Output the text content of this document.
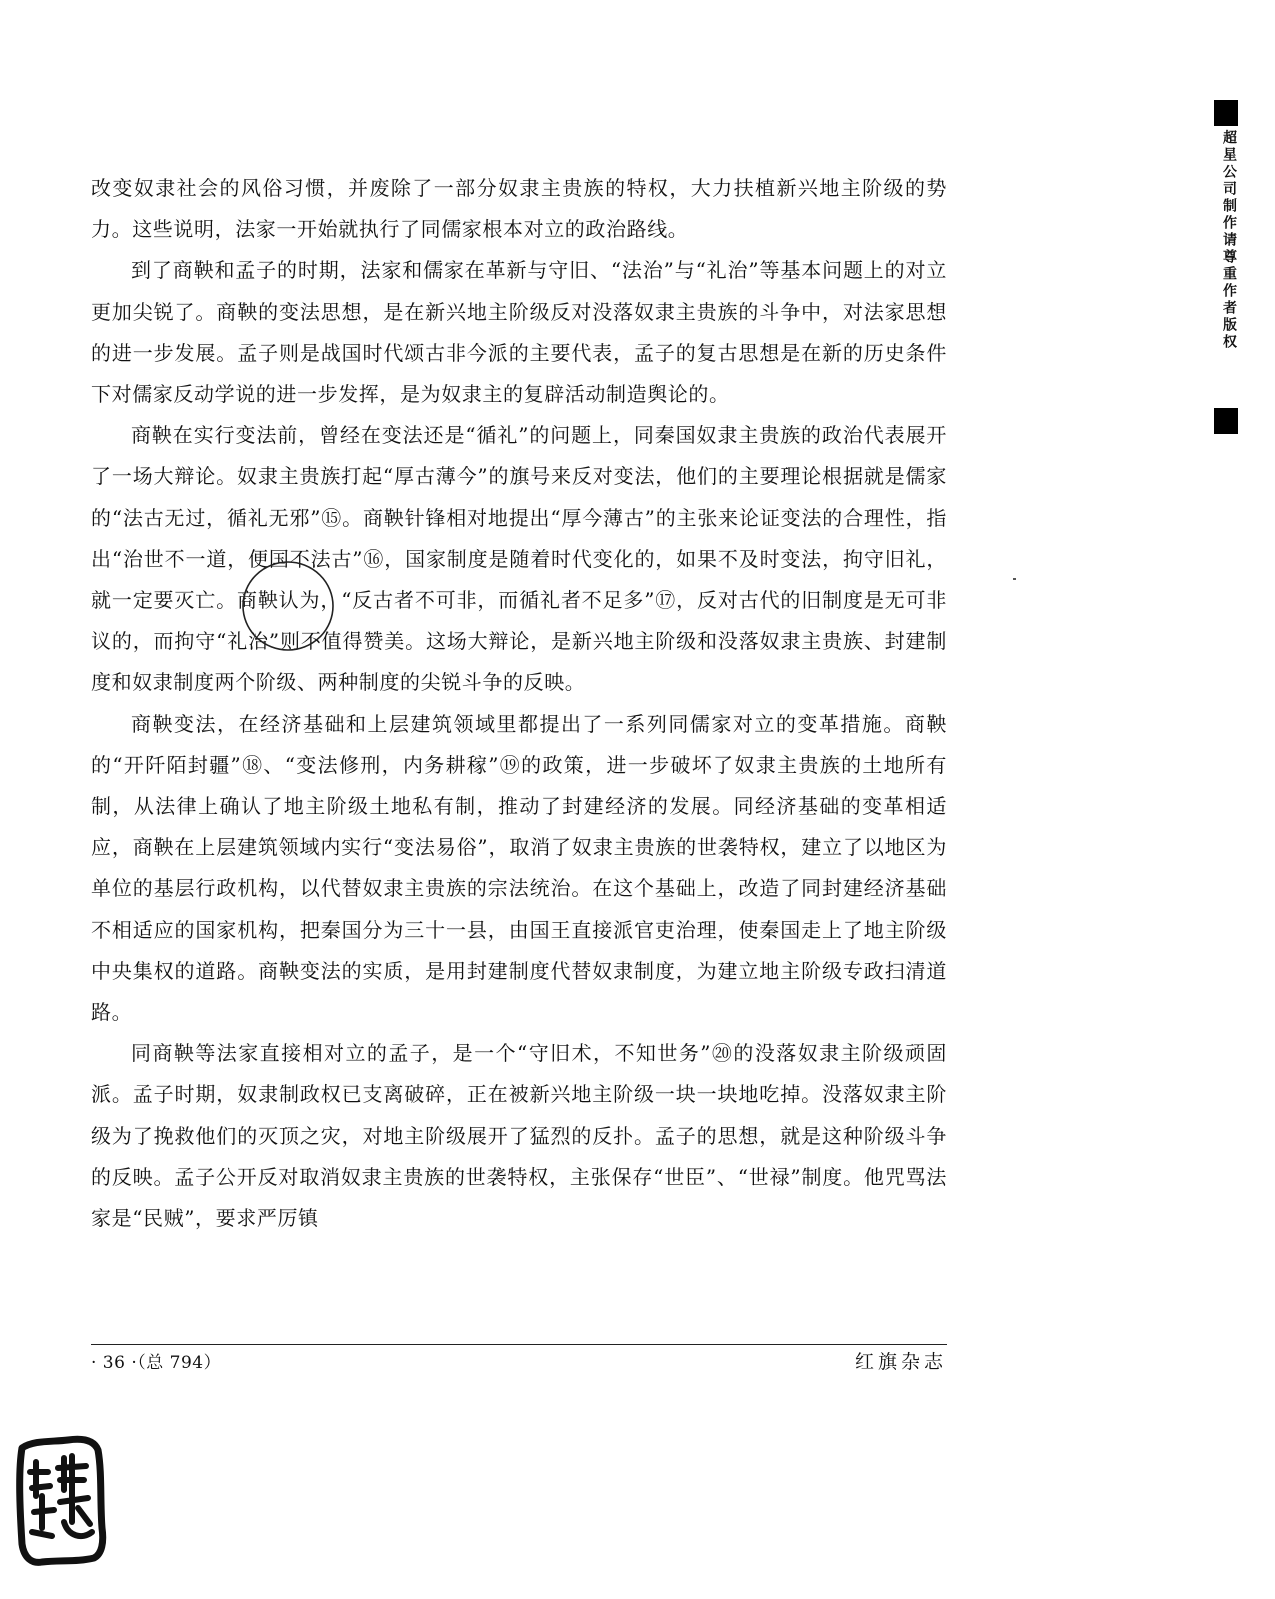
改变奴隶社会的风俗习惯，并废除了一部分奴隶主贵族的特权，大力扶植新兴地主阶级的势力。这些说明，法家一开始就执行了同儒家根本对立的政治路线。

到了商鞅和孟子的时期，法家和儒家在革新与守旧、“法治”与“礼治”等基本问题上的对立更加尖锐了。商鞅的变法思想，是在新兴地主阶级反对没落奴隶主贵族的斗争中，对法家思想的进一步发展。孟子则是战国时代颂古非今派的主要代表，孟子的复古思想是在新的历史条件下对儒家反动学说的进一步发挥，是为奴隶主的复辟活动制造舆论的。

商鞅在实行变法前，曾经在变法还是“循礼”的问题上，同秦国奴隶主贵族的政治代表展开了一场大辩论。奴隶主贵族打起“厚古薄今”的旗号来反对变法，他们的主要理论根据就是儒家的“法古无过，循礼无邪”⑮。商鞅针锋相对地提出“厚今薄古”的主张来论证变法的合理性，指出“治世不一道，便国不法古”⑯，国家制度是随着时代变化的，如果不及时变法，拘守旧礼，就一定要灭亡。商鞅认为，“反古者不可非，而循礼者不足多”⑰，反对古代的旧制度是无可非议的，而拘守“礼治”则不值得赞美。这场大辩论，是新兴地主阶级和没落奴隶主贵族、封建制度和奴隶制度两个阶级、两种制度的尖锐斗争的反映。

商鞅变法，在经济基础和上层建筑领域里都提出了一系列同儒家对立的变革措施。商鞅的“开阡陌封疆”⑱、“变法修刑，内务耕稼”⑲的政策，进一步破坏了奴隶主贵族的土地所有制，从法律上确认了地主阶级土地私有制，推动了封建经济的发展。同经济基础的变革相适应，商鞅在上层建筑领域内实行“变法易俗”，取消了奴隶主贵族的世袭特权，建立了以地区为单位的基层行政机构，以代替奴隶主贵族的宗法统治。在这个基础上，改造了同封建经济基础不相适应的国家机构，把秦国分为三十一县，由国王直接派官吏治理，使秦国走上了地主阶级中央集权的道路。商鞅变法的实质，是用封建制度代替奴隶制度，为建立地主阶级专政扫清道路。

同商鞅等法家直接相对立的孟子，是一个“守旧术，不知世务”⑳的没落奴隶主阶级顽固派。孟子时期，奴隶制政权已支离破碎，正在被新兴地主阶级一块一块地吃掉。没落奴隶主阶级为了挽救他们的灭顶之灾，对地主阶级展开了猛烈的反扑。孟子的思想，就是这种阶级斗争的反映。孟子公开反对取消奴隶主贵族的世袭特权，主张保存“世臣”、“世禄”制度。他咒骂法家是“民贼”，要求严厉镇

· 36 ·（总 794）	红旗杂志
超星公司制作请尊重作者版权
